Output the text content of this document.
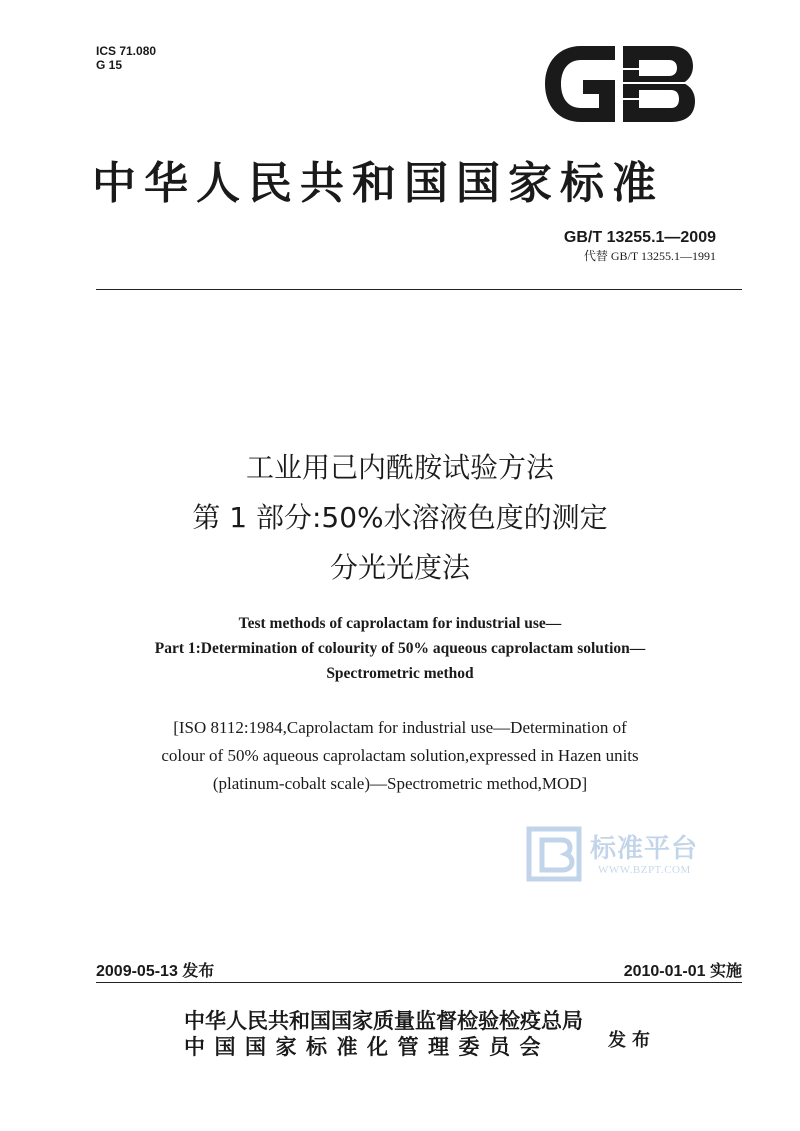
ICS 71.080
G 15
中华人民共和国国家标准
GB/T 13255.1—2009
代替 GB/T 13255.1—1991
工业用己内酰胺试验方法
第 1 部分:50%水溶液色度的测定
分光光度法
Test methods of caprolactam for industrial use—
Part 1:Determination of colourity of 50% aqueous caprolactam solution—
Spectrometric method
[ISO 8112:1984,Caprolactam for industrial use—Determination of
colour of 50% aqueous caprolactam solution,expressed in Hazen units
(platinum-cobalt scale)—Spectrometric method,MOD]
标准平台
WWW.BZPT.COM
2009-05-13 发布	2010-01-01 实施
中华人民共和国国家质量监督检验检疫总局
中国国家标准化管理委员会	发布
